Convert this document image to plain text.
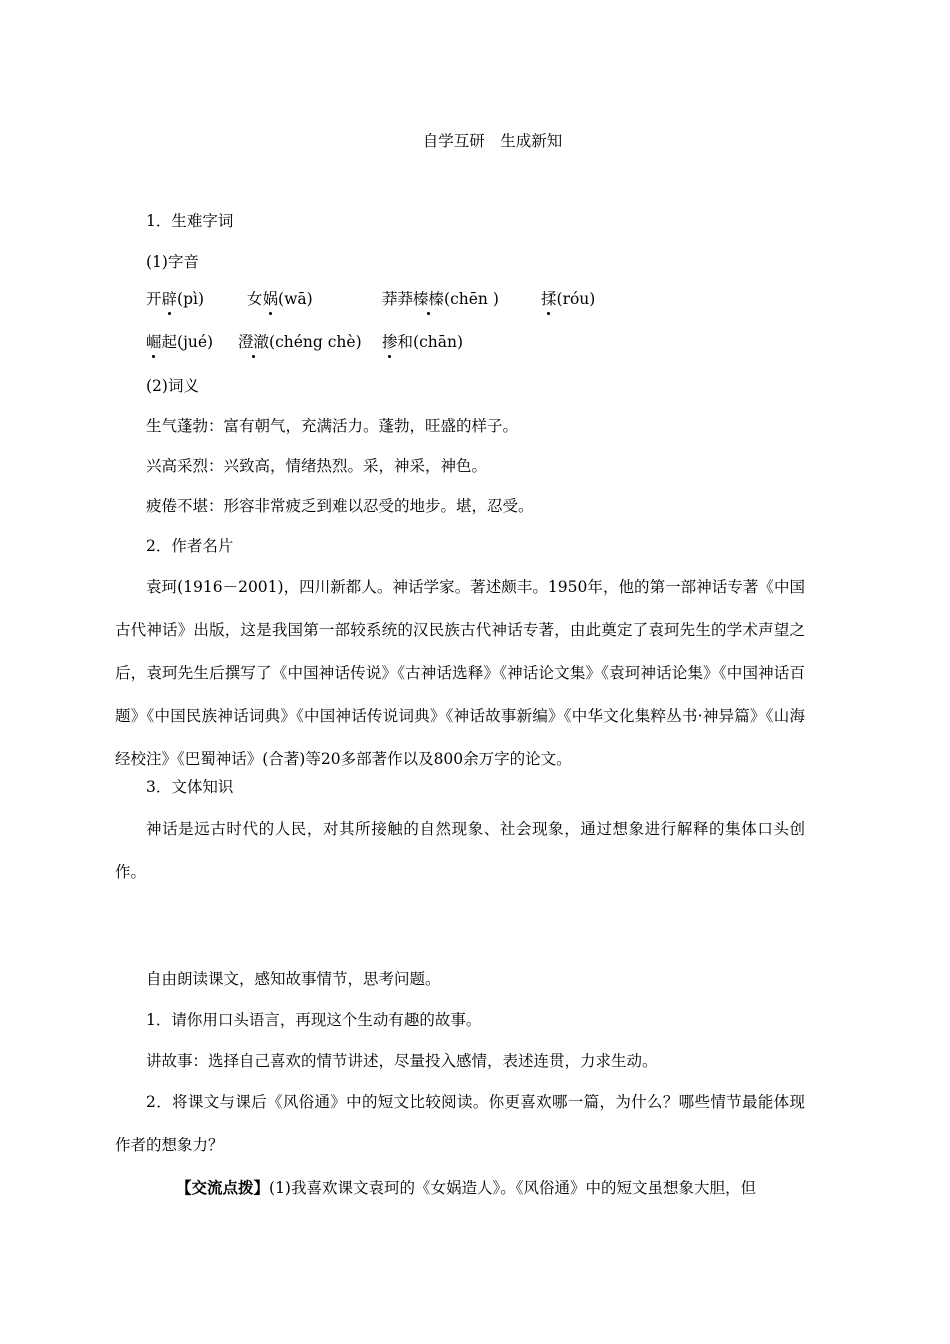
自学互研　生成新知
1．生难字词
(1)字音
开辟(pì)	女娲(wā)	莽莽榛榛(chēn )	揉(róu)
崛起(jué) 澄澈(chéng chè) 掺和(chān)
(2)词义
生气蓬勃：富有朝气，充满活力。蓬勃，旺盛的样子。
兴高采烈：兴致高，情绪热烈。采，神采，神色。
疲倦不堪：形容非常疲乏到难以忍受的地步。堪，忍受。
2．作者名片
袁珂(1916－2001)，四川新都人。神话学家。著述颇丰。1950年，他的第一部神话专著《中国古代神话》出版，这是我国第一部较系统的汉民族古代神话专著，由此奠定了袁珂先生的学术声望之后，袁珂先生后撰写了《中国神话传说》《古神话选释》《神话论文集》《袁珂神话论集》《中国神话百题》《中国民族神话词典》《中国神话传说词典》《神话故事新编》《中华文化集粹丛书·神异篇》《山海经校注》《巴蜀神话》(合著)等20多部著作以及800余万字的论文。
3．文体知识
神话是远古时代的人民，对其所接触的自然现象、社会现象，通过想象进行解释的集体口头创作。
自由朗读课文，感知故事情节，思考问题。
1．请你用口头语言，再现这个生动有趣的故事。
讲故事：选择自己喜欢的情节讲述，尽量投入感情，表述连贯，力求生动。
2．将课文与课后《风俗通》中的短文比较阅读。你更喜欢哪一篇，为什么？哪些情节最能体现作者的想象力？
【交流点拨】(1)我喜欢课文袁珂的《女娲造人》。《风俗通》中的短文虽想象大胆，但
